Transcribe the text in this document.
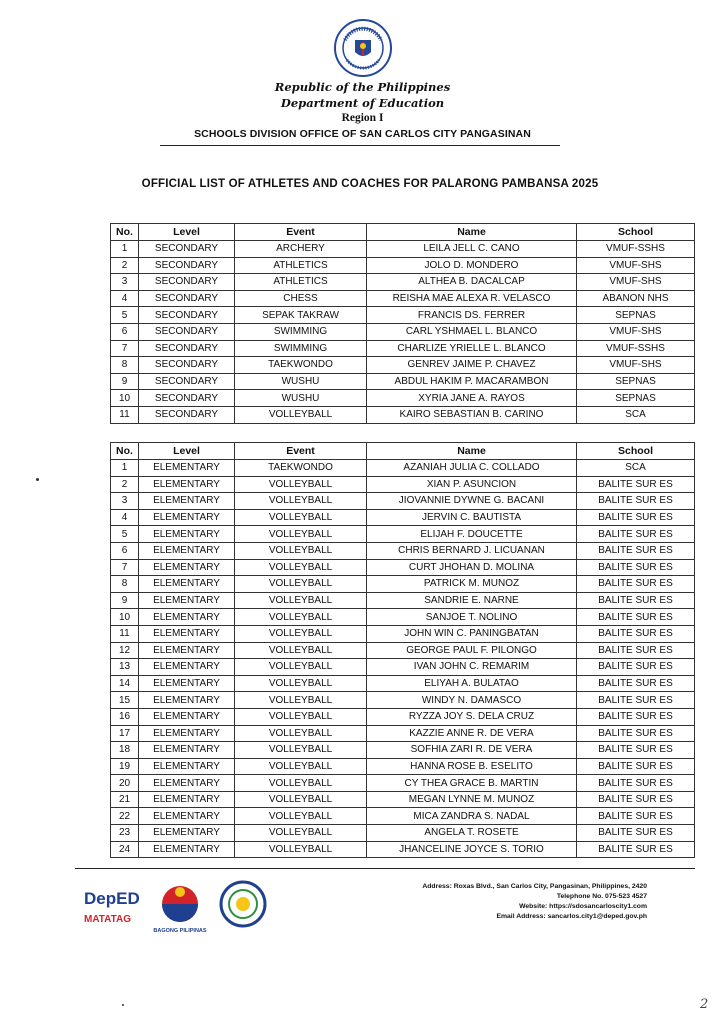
Republic of the Philippines
Department of Education
Region I
SCHOOLS DIVISION OFFICE OF SAN CARLOS CITY PANGASINAN
OFFICIAL LIST OF ATHLETES AND COACHES FOR PALARONG PAMBANSA 2025
No.	Level	Event	Name	School
1	SECONDARY	ARCHERY	LEILA JELL C. CANO	VMUF-SSHS
2	SECONDARY	ATHLETICS	JOLO D. MONDERO	VMUF-SHS
3	SECONDARY	ATHLETICS	ALTHEA B. DACALCAP	VMUF-SHS
4	SECONDARY	CHESS	REISHA MAE ALEXA R. VELASCO	ABANON NHS
5	SECONDARY	SEPAK TAKRAW	FRANCIS DS. FERRER	SEPNAS
6	SECONDARY	SWIMMING	CARL YSHMAEL L. BLANCO	VMUF-SHS
7	SECONDARY	SWIMMING	CHARLIZE YRIELLE L. BLANCO	VMUF-SSHS
8	SECONDARY	TAEKWONDO	GENREV JAIME P. CHAVEZ	VMUF-SHS
9	SECONDARY	WUSHU	ABDUL HAKIM P. MACARAMBON	SEPNAS
10	SECONDARY	WUSHU	XYRIA JANE A. RAYOS	SEPNAS
11	SECONDARY	VOLLEYBALL	KAIRO SEBASTIAN B. CARINO	SCA
No.	Level	Event	Name	School
1	ELEMENTARY	TAEKWONDO	AZANIAH JULIA C. COLLADO	SCA
2	ELEMENTARY	VOLLEYBALL	XIAN P. ASUNCION	BALITE SUR ES
3	ELEMENTARY	VOLLEYBALL	JIOVANNIE DYWNE G. BACANI	BALITE SUR ES
4	ELEMENTARY	VOLLEYBALL	JERVIN C. BAUTISTA	BALITE SUR ES
5	ELEMENTARY	VOLLEYBALL	ELIJAH F. DOUCETTE	BALITE SUR ES
6	ELEMENTARY	VOLLEYBALL	CHRIS BERNARD J. LICUANAN	BALITE SUR ES
7	ELEMENTARY	VOLLEYBALL	CURT JHOHAN D. MOLINA	BALITE SUR ES
8	ELEMENTARY	VOLLEYBALL	PATRICK M. MUNOZ	BALITE SUR ES
9	ELEMENTARY	VOLLEYBALL	SANDRIE E. NARNE	BALITE SUR ES
10	ELEMENTARY	VOLLEYBALL	SANJOE T. NOLINO	BALITE SUR ES
11	ELEMENTARY	VOLLEYBALL	JOHN WIN C. PANINGBATAN	BALITE SUR ES
12	ELEMENTARY	VOLLEYBALL	GEORGE PAUL F. PILONGO	BALITE SUR ES
13	ELEMENTARY	VOLLEYBALL	IVAN JOHN C. REMARIM	BALITE SUR ES
14	ELEMENTARY	VOLLEYBALL	ELIYAH A. BULATAO	BALITE SUR ES
15	ELEMENTARY	VOLLEYBALL	WINDY N. DAMASCO	BALITE SUR ES
16	ELEMENTARY	VOLLEYBALL	RYZZA JOY S. DELA CRUZ	BALITE SUR ES
17	ELEMENTARY	VOLLEYBALL	KAZZIE ANNE R. DE VERA	BALITE SUR ES
18	ELEMENTARY	VOLLEYBALL	SOFHIA ZARI R. DE VERA	BALITE SUR ES
19	ELEMENTARY	VOLLEYBALL	HANNA ROSE B. ESELITO	BALITE SUR ES
20	ELEMENTARY	VOLLEYBALL	CY THEA GRACE B. MARTIN	BALITE SUR ES
21	ELEMENTARY	VOLLEYBALL	MEGAN LYNNE M. MUNOZ	BALITE SUR ES
22	ELEMENTARY	VOLLEYBALL	MICA ZANDRA S. NADAL	BALITE SUR ES
23	ELEMENTARY	VOLLEYBALL	ANGELA T. ROSETE	BALITE SUR ES
24	ELEMENTARY	VOLLEYBALL	JHANCELINE JOYCE S. TORIO	BALITE SUR ES
DepED
MATATAG
BAGONG PILIPINAS
Address: Roxas Blvd., San Carlos City, Pangasinan, Philippines, 2420
Telephone No. 075-523 4527
Website: https://sdosancarloscity1.com
Email Address: sancarlos.city1@deped.gov.ph
2
